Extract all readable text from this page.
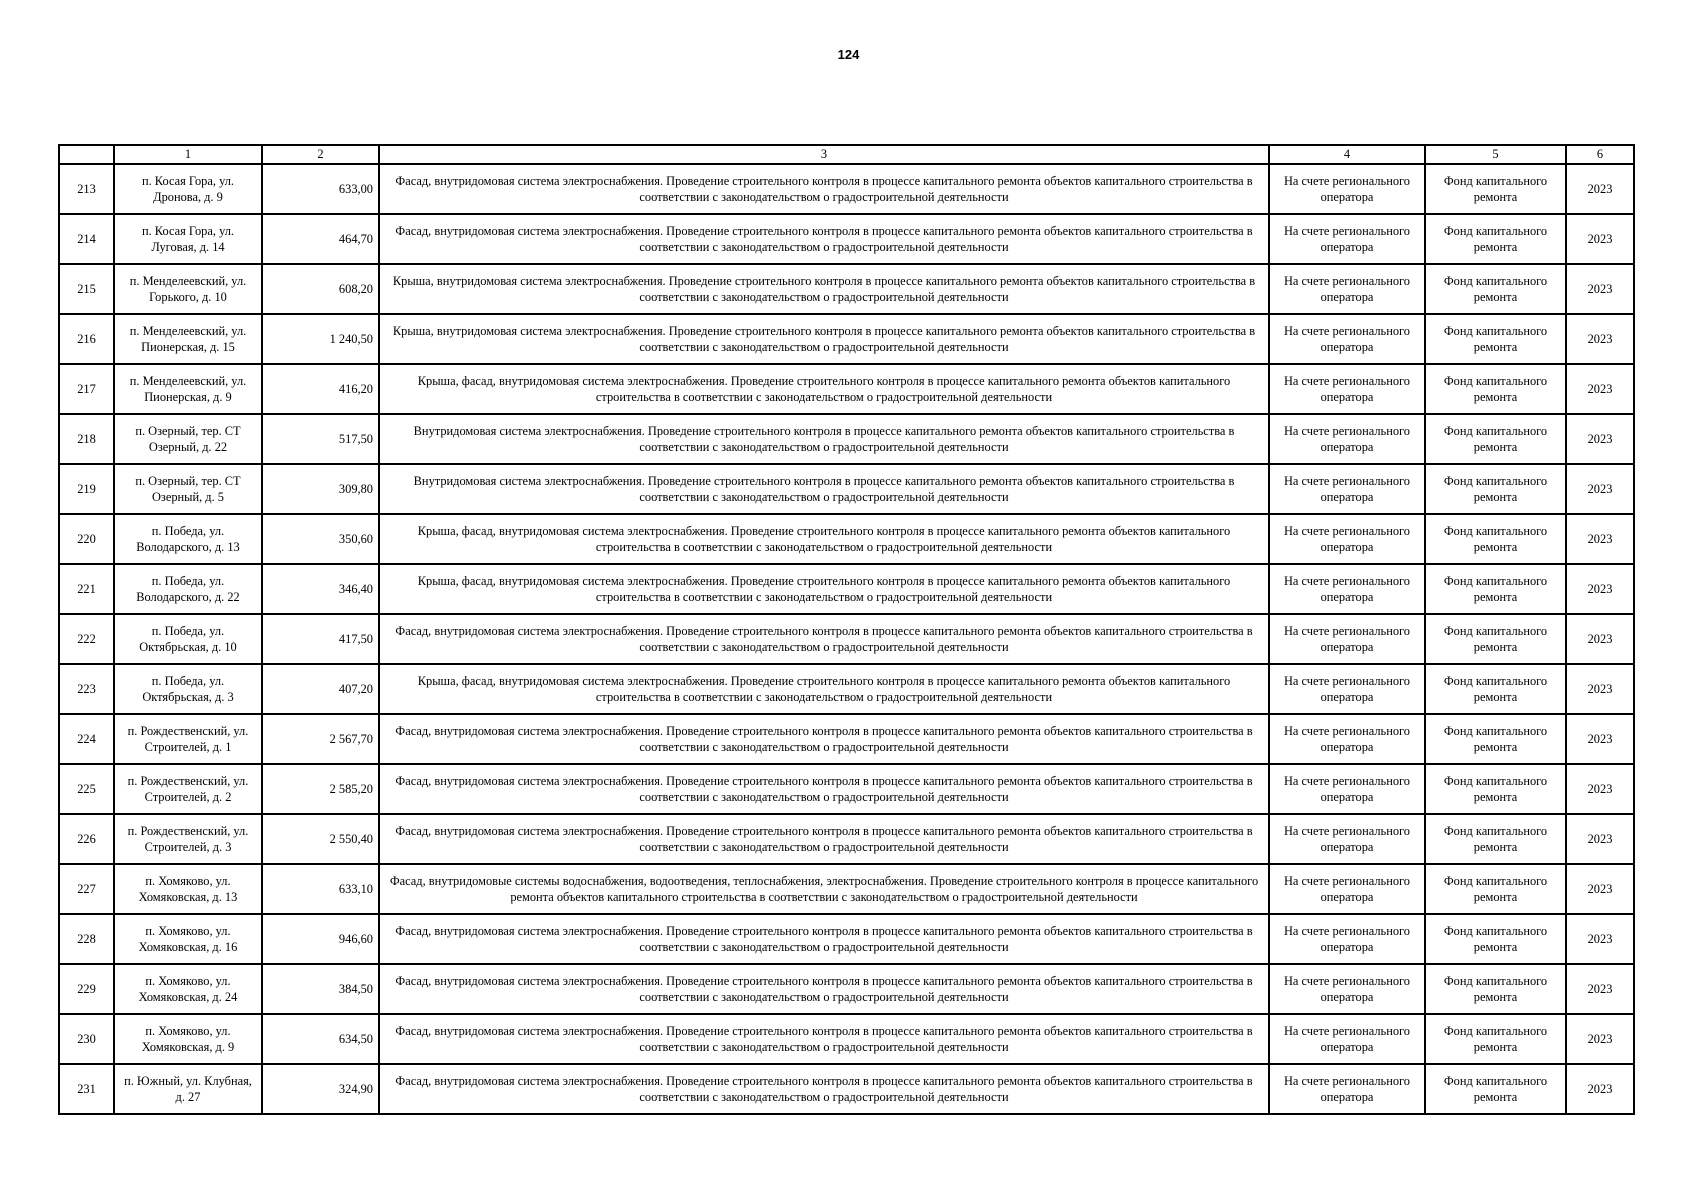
124
	1	2	3	4	5	6
213	п. Косая Гора, ул. Дронова, д. 9	633,00	Фасад, внутридомовая система электроснабжения. Проведение строительного контроля в процессе капитального ремонта объектов капитального строительства в соответствии с законодательством о градостроительной деятельности	На счете регионального оператора	Фонд капитального ремонта	2023
214	п. Косая Гора, ул. Луговая, д. 14	464,70	Фасад, внутридомовая система электроснабжения. Проведение строительного контроля в процессе капитального ремонта объектов капитального строительства в соответствии с законодательством о градостроительной деятельности	На счете регионального оператора	Фонд капитального ремонта	2023
215	п. Менделеевский, ул. Горького, д. 10	608,20	Крыша, внутридомовая система электроснабжения. Проведение строительного контроля в процессе капитального ремонта объектов капитального строительства в соответствии с законодательством о градостроительной деятельности	На счете регионального оператора	Фонд капитального ремонта	2023
216	п. Менделеевский, ул. Пионерская, д. 15	1 240,50	Крыша, внутридомовая система электроснабжения. Проведение строительного контроля в процессе капитального ремонта объектов капитального строительства в соответствии с законодательством о градостроительной деятельности	На счете регионального оператора	Фонд капитального ремонта	2023
217	п. Менделеевский, ул. Пионерская, д. 9	416,20	Крыша, фасад, внутридомовая система электроснабжения. Проведение строительного контроля в процессе капитального ремонта объектов капитального строительства в соответствии с законодательством о градостроительной деятельности	На счете регионального оператора	Фонд капитального ремонта	2023
218	п. Озерный, тер. СТ Озерный, д. 22	517,50	Внутридомовая система электроснабжения. Проведение строительного контроля в процессе капитального ремонта объектов капитального строительства в соответствии с законодательством о градостроительной деятельности	На счете регионального оператора	Фонд капитального ремонта	2023
219	п. Озерный, тер. СТ Озерный, д. 5	309,80	Внутридомовая система электроснабжения. Проведение строительного контроля в процессе капитального ремонта объектов капитального строительства в соответствии с законодательством о градостроительной деятельности	На счете регионального оператора	Фонд капитального ремонта	2023
220	п. Победа, ул. Володарского, д. 13	350,60	Крыша, фасад, внутридомовая система электроснабжения. Проведение строительного контроля в процессе капитального ремонта объектов капитального строительства в соответствии с законодательством о градостроительной деятельности	На счете регионального оператора	Фонд капитального ремонта	2023
221	п. Победа, ул. Володарского, д. 22	346,40	Крыша, фасад, внутридомовая система электроснабжения. Проведение строительного контроля в процессе капитального ремонта объектов капитального строительства в соответствии с законодательством о градостроительной деятельности	На счете регионального оператора	Фонд капитального ремонта	2023
222	п. Победа, ул. Октябрьская, д. 10	417,50	Фасад, внутридомовая система электроснабжения. Проведение строительного контроля в процессе капитального ремонта объектов капитального строительства в соответствии с законодательством о градостроительной деятельности	На счете регионального оператора	Фонд капитального ремонта	2023
223	п. Победа, ул. Октябрьская, д. 3	407,20	Крыша, фасад, внутридомовая система электроснабжения. Проведение строительного контроля в процессе капитального ремонта объектов капитального строительства в соответствии с законодательством о градостроительной деятельности	На счете регионального оператора	Фонд капитального ремонта	2023
224	п. Рождественский, ул. Строителей, д. 1	2 567,70	Фасад, внутридомовая система электроснабжения. Проведение строительного контроля в процессе капитального ремонта объектов капитального строительства в соответствии с законодательством о градостроительной деятельности	На счете регионального оператора	Фонд капитального ремонта	2023
225	п. Рождественский, ул. Строителей, д. 2	2 585,20	Фасад, внутридомовая система электроснабжения. Проведение строительного контроля в процессе капитального ремонта объектов капитального строительства в соответствии с законодательством о градостроительной деятельности	На счете регионального оператора	Фонд капитального ремонта	2023
226	п. Рождественский, ул. Строителей, д. 3	2 550,40	Фасад, внутридомовая система электроснабжения. Проведение строительного контроля в процессе капитального ремонта объектов капитального строительства в соответствии с законодательством о градостроительной деятельности	На счете регионального оператора	Фонд капитального ремонта	2023
227	п. Хомяково, ул. Хомяковская, д. 13	633,10	Фасад, внутридомовые системы водоснабжения, водоотведения, теплоснабжения, электроснабжения. Проведение строительного контроля в процессе капитального ремонта объектов капитального строительства в соответствии с законодательством о градостроительной деятельности	На счете регионального оператора	Фонд капитального ремонта	2023
228	п. Хомяково, ул. Хомяковская, д. 16	946,60	Фасад, внутридомовая система электроснабжения. Проведение строительного контроля в процессе капитального ремонта объектов капитального строительства в соответствии с законодательством о градостроительной деятельности	На счете регионального оператора	Фонд капитального ремонта	2023
229	п. Хомяково, ул. Хомяковская, д. 24	384,50	Фасад, внутридомовая система электроснабжения. Проведение строительного контроля в процессе капитального ремонта объектов капитального строительства в соответствии с законодательством о градостроительной деятельности	На счете регионального оператора	Фонд капитального ремонта	2023
230	п. Хомяково, ул. Хомяковская, д. 9	634,50	Фасад, внутридомовая система электроснабжения. Проведение строительного контроля в процессе капитального ремонта объектов капитального строительства в соответствии с законодательством о градостроительной деятельности	На счете регионального оператора	Фонд капитального ремонта	2023
231	п. Южный, ул. Клубная, д. 27	324,90	Фасад, внутридомовая система электроснабжения. Проведение строительного контроля в процессе капитального ремонта объектов капитального строительства в соответствии с законодательством о градостроительной деятельности	На счете регионального оператора	Фонд капитального ремонта	2023
